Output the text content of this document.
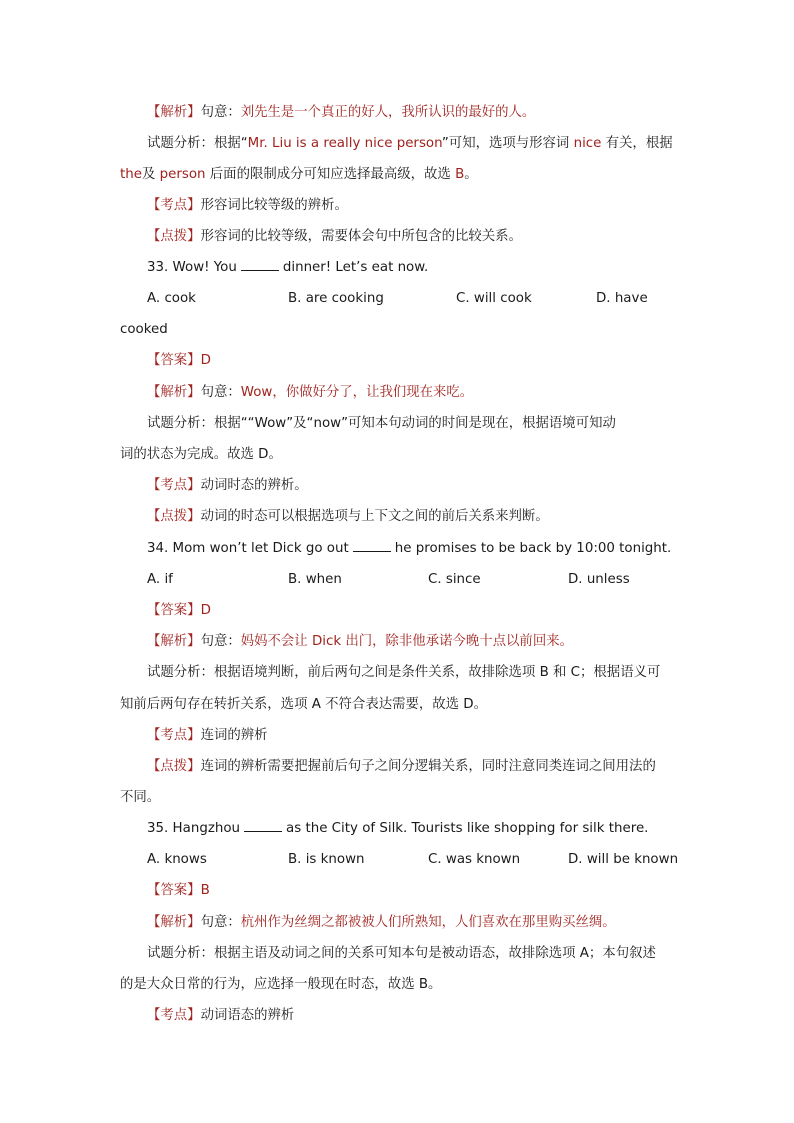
【解析】句意：刘先生是一个真正的好人，我所认识的最好的人。
试题分析：根据“Mr. Liu is a really nice person”可知，选项与形容词 nice 有关，根据
the及 person 后面的限制成分可知应选择最高级，故选 B。
【考点】形容词比较等级的辨析。
【点拨】形容词的比较等级，需要体会句中所包含的比较关系。
33. Wow! You	dinner! Let’s eat now.
A. cook	B. are cooking	C. will cook	D. have
cooked
【答案】D
【解析】句意：Wow，你做好分了，让我们现在来吃。
试题分析：根据““Wow”及“now”可知本句动词的时间是现在，根据语境可知动
词的状态为完成。故选 D。
【考点】动词时态的辨析。
【点拨】动词的时态可以根据选项与上下文之间的前后关系来判断。
34. Mom won’t let Dick go out	he promises to be back by 10:00 tonight.
A. if	B. when	C. since	D. unless
【答案】D
【解析】句意：妈妈不会让 Dick 出门，除非他承诺今晚十点以前回来。
试题分析：根据语境判断，前后两句之间是条件关系，故排除选项 B 和 C；根据语义可
知前后两句存在转折关系，选项 A 不符合表达需要，故选 D。
【考点】连词的辨析
【点拨】连词的辨析需要把握前后句子之间分逻辑关系，同时注意同类连词之间用法的
不同。
35. Hangzhou	as the City of Silk. Tourists like shopping for silk there.
A. knows	B. is known	C. was known	D. will be known
【答案】B
【解析】句意：杭州作为丝绸之都被被人们所熟知，人们喜欢在那里购买丝绸。
试题分析：根据主语及动词之间的关系可知本句是被动语态，故排除选项 A；本句叙述
的是大众日常的行为，应选择一般现在时态，故选 B。
【考点】动词语态的辨析
